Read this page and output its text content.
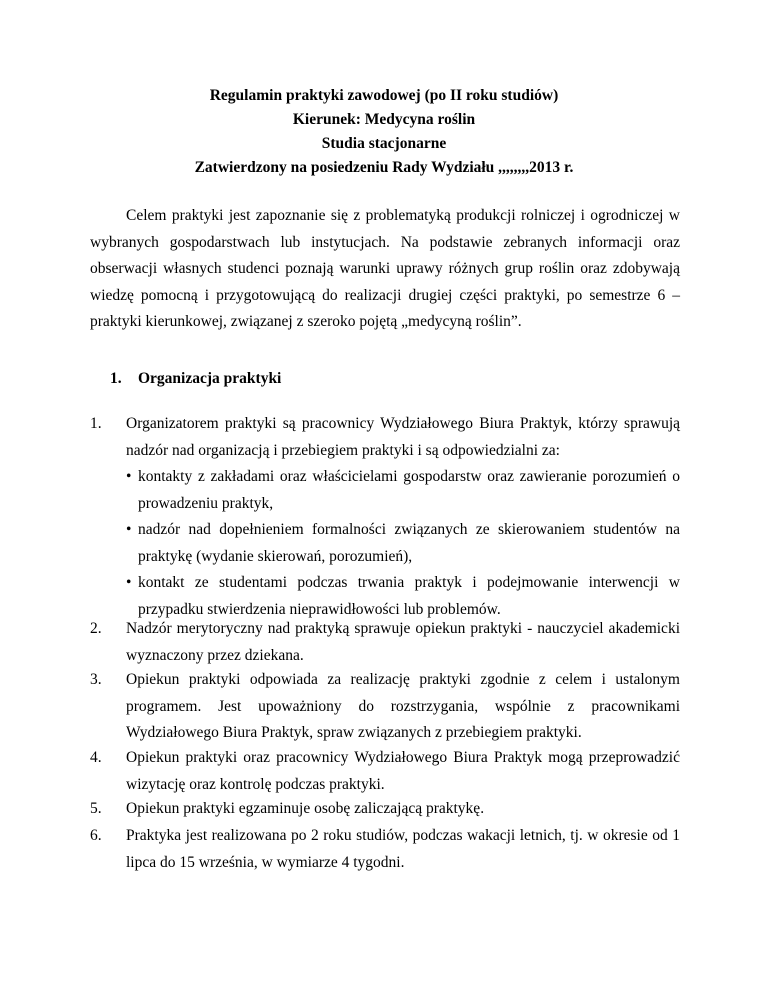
Regulamin praktyki zawodowej (po II roku studiów)
Kierunek: Medycyna roślin
Studia stacjonarne
Zatwierdzony na posiedzeniu Rady Wydziału ,,,,,,,,2013 r.
Celem praktyki jest zapoznanie się z problematyką produkcji rolniczej i ogrodniczej w wybranych gospodarstwach lub instytucjach. Na podstawie zebranych informacji oraz obserwacji własnych studenci poznają warunki uprawy różnych grup roślin oraz zdobywają wiedzę pomocną i przygotowującą do realizacji drugiej części praktyki, po semestrze 6 – praktyki kierunkowej, związanej z szeroko pojętą „medycyną roślin”.
1. Organizacja praktyki
1.	Organizatorem praktyki są pracownicy Wydziałowego Biura Praktyk, którzy sprawują nadzór nad organizacją i przebiegiem praktyki i są odpowiedzialni za:
• kontakty z zakładami oraz właścicielami gospodarstw oraz zawieranie porozumień o prowadzeniu praktyk,
• nadzór nad dopełnieniem formalności związanych ze skierowaniem studentów na praktykę (wydanie skierowań, porozumień),
• kontakt ze studentami podczas trwania praktyk i podejmowanie interwencji w przypadku stwierdzenia nieprawidłowości lub problemów.
2.	Nadzór merytoryczny nad praktyką sprawuje opiekun praktyki - nauczyciel akademicki wyznaczony przez dziekana.
3.	Opiekun praktyki odpowiada za realizację praktyki zgodnie z celem i ustalonym programem. Jest upoważniony do rozstrzygania, wspólnie z pracownikami Wydziałowego Biura Praktyk, spraw związanych z przebiegiem praktyki.
4.	Opiekun praktyki oraz pracownicy Wydziałowego Biura Praktyk mogą przeprowadzić wizytację oraz kontrolę podczas praktyki.
5.	Opiekun praktyki egzaminuje osobę zaliczającą praktykę.
6.	Praktyka jest realizowana po 2 roku studiów, podczas wakacji letnich, tj. w okresie od 1 lipca do 15 września, w wymiarze 4 tygodni.
